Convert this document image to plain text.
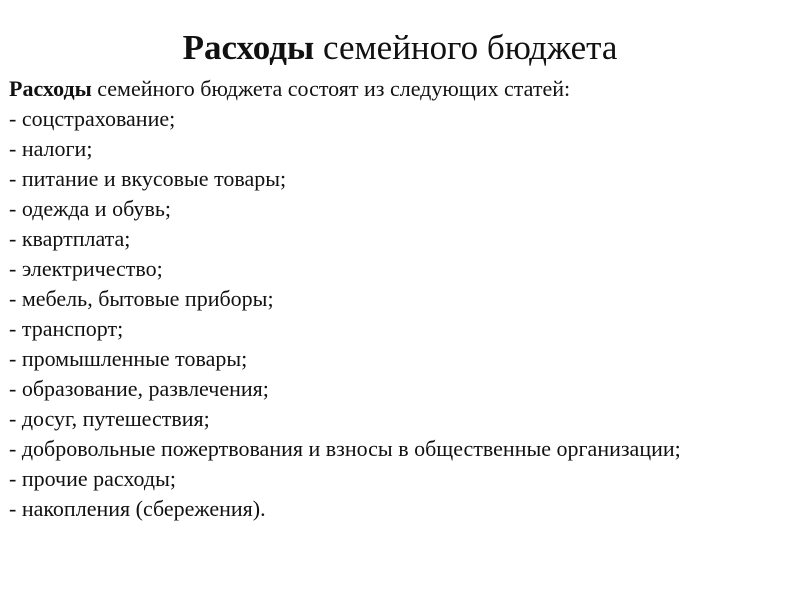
Расходы семейного бюджета

Расходы семейного бюджета состоят из следующих статей:

- соцстрахование;
- налоги;
- питание и вкусовые товары;
- одежда и обувь;
- квартплата;
- электричество;
- мебель, бытовые приборы;
- транспорт;
- промышленные товары;
- образование, развлечения;
- досуг, путешествия;
- добровольные пожертвования и взносы в общественные организации;
- прочие расходы;
- накопления (сбережения).
